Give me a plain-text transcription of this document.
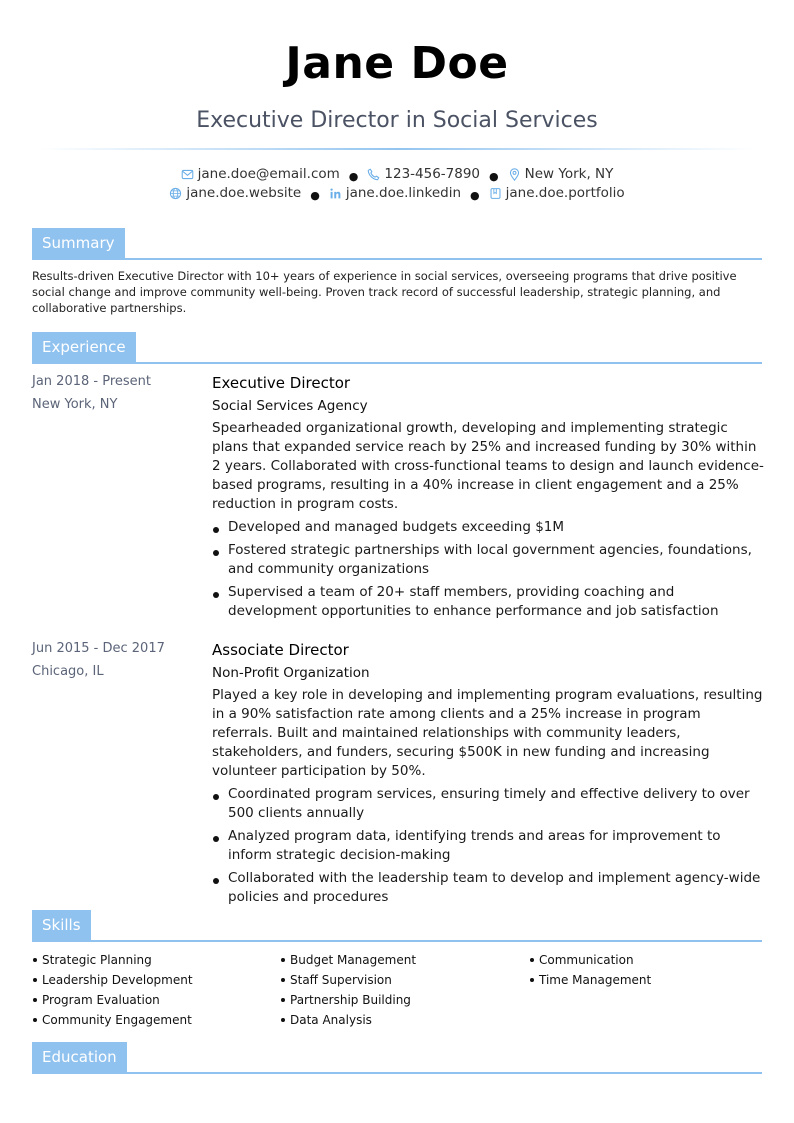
Jane Doe
Executive Director in Social Services
jane.doe@email.com ● 123-456-7890 ● New York, NY
jane.doe.website ● jane.doe.linkedin ● jane.doe.portfolio
Summary
Results-driven Executive Director with 10+ years of experience in social services, overseeing programs that drive positive social change and improve community well-being. Proven track record of successful leadership, strategic planning, and collaborative partnerships.
Experience
Jan 2018 - Present
New York, NY
Executive Director
Social Services Agency
Spearheaded organizational growth, developing and implementing strategic plans that expanded service reach by 25% and increased funding by 30% within 2 years. Collaborated with cross-functional teams to design and launch evidence-based programs, resulting in a 40% increase in client engagement and a 25% reduction in program costs.
Developed and managed budgets exceeding $1M
Fostered strategic partnerships with local government agencies, foundations, and community organizations
Supervised a team of 20+ staff members, providing coaching and development opportunities to enhance performance and job satisfaction
Jun 2015 - Dec 2017
Chicago, IL
Associate Director
Non-Profit Organization
Played a key role in developing and implementing program evaluations, resulting in a 90% satisfaction rate among clients and a 25% increase in program referrals. Built and maintained relationships with community leaders, stakeholders, and funders, securing $500K in new funding and increasing volunteer participation by 50%.
Coordinated program services, ensuring timely and effective delivery to over 500 clients annually
Analyzed program data, identifying trends and areas for improvement to inform strategic decision-making
Collaborated with the leadership team to develop and implement agency-wide policies and procedures
Skills
Strategic Planning
Leadership Development
Program Evaluation
Community Engagement
Budget Management
Staff Supervision
Partnership Building
Data Analysis
Communication
Time Management
Education
